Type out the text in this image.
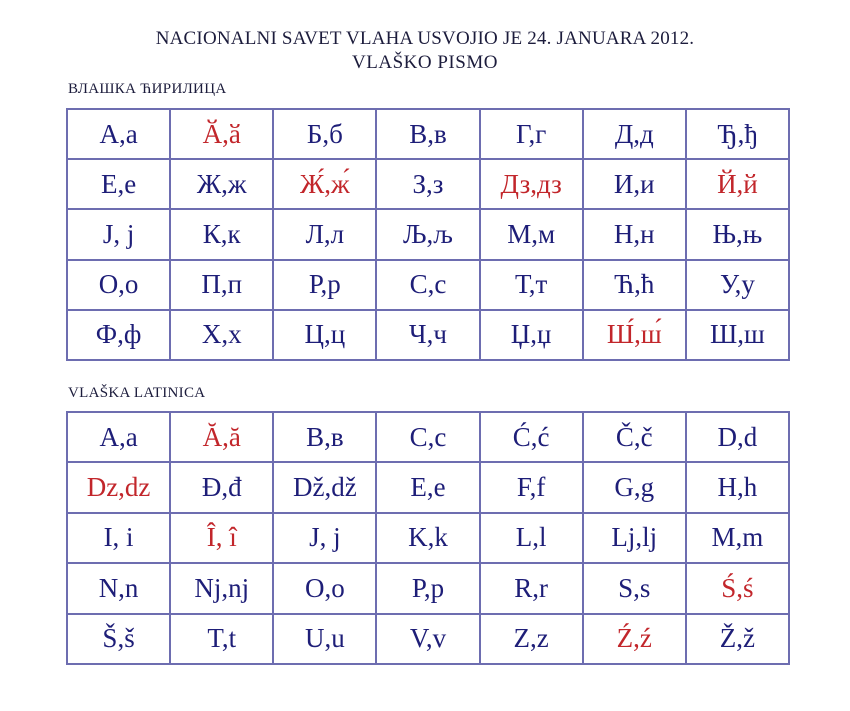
NACIONALNI SAVET VLAHA USVOJIO JE 24. JANUARA 2012.
VLAŠKO PISMO
ВЛАШКА ЋИРИЛИЦА
А,а	Ӑ,ӑ	Б,б	В,в	Г,г	Д,д	Ђ,ђ
Е,е	Ж,ж	Ж́,ж́	З,з	Дз,дз	И,и	Й,й
Ј, ј	К,к	Л,л	Љ,љ	М,м	Н,н	Њ,њ
О,о	П,п	Р,р	С,с	Т,т	Ћ,ћ	У,у
Ф,ф	Х,х	Ц,ц	Ч,ч	Џ,џ	Ш́,ш́	Ш,ш
VLAŠKA LATINICA
A,a	Ă,ă	B,в	C,c	Ć,ć	Č,č	D,d
Dz,dz	Đ,đ	Dž,dž	E,e	F,f	G,g	H,h
I, i	Î, î	J, j	K,k	L,l	Lj,lj	M,m
N,n	Nj,nj	O,o	P,p	R,r	S,s	Ś,ś
Š,š	T,t	U,u	V,v	Z,z	Ź,ź	Ž,ž
